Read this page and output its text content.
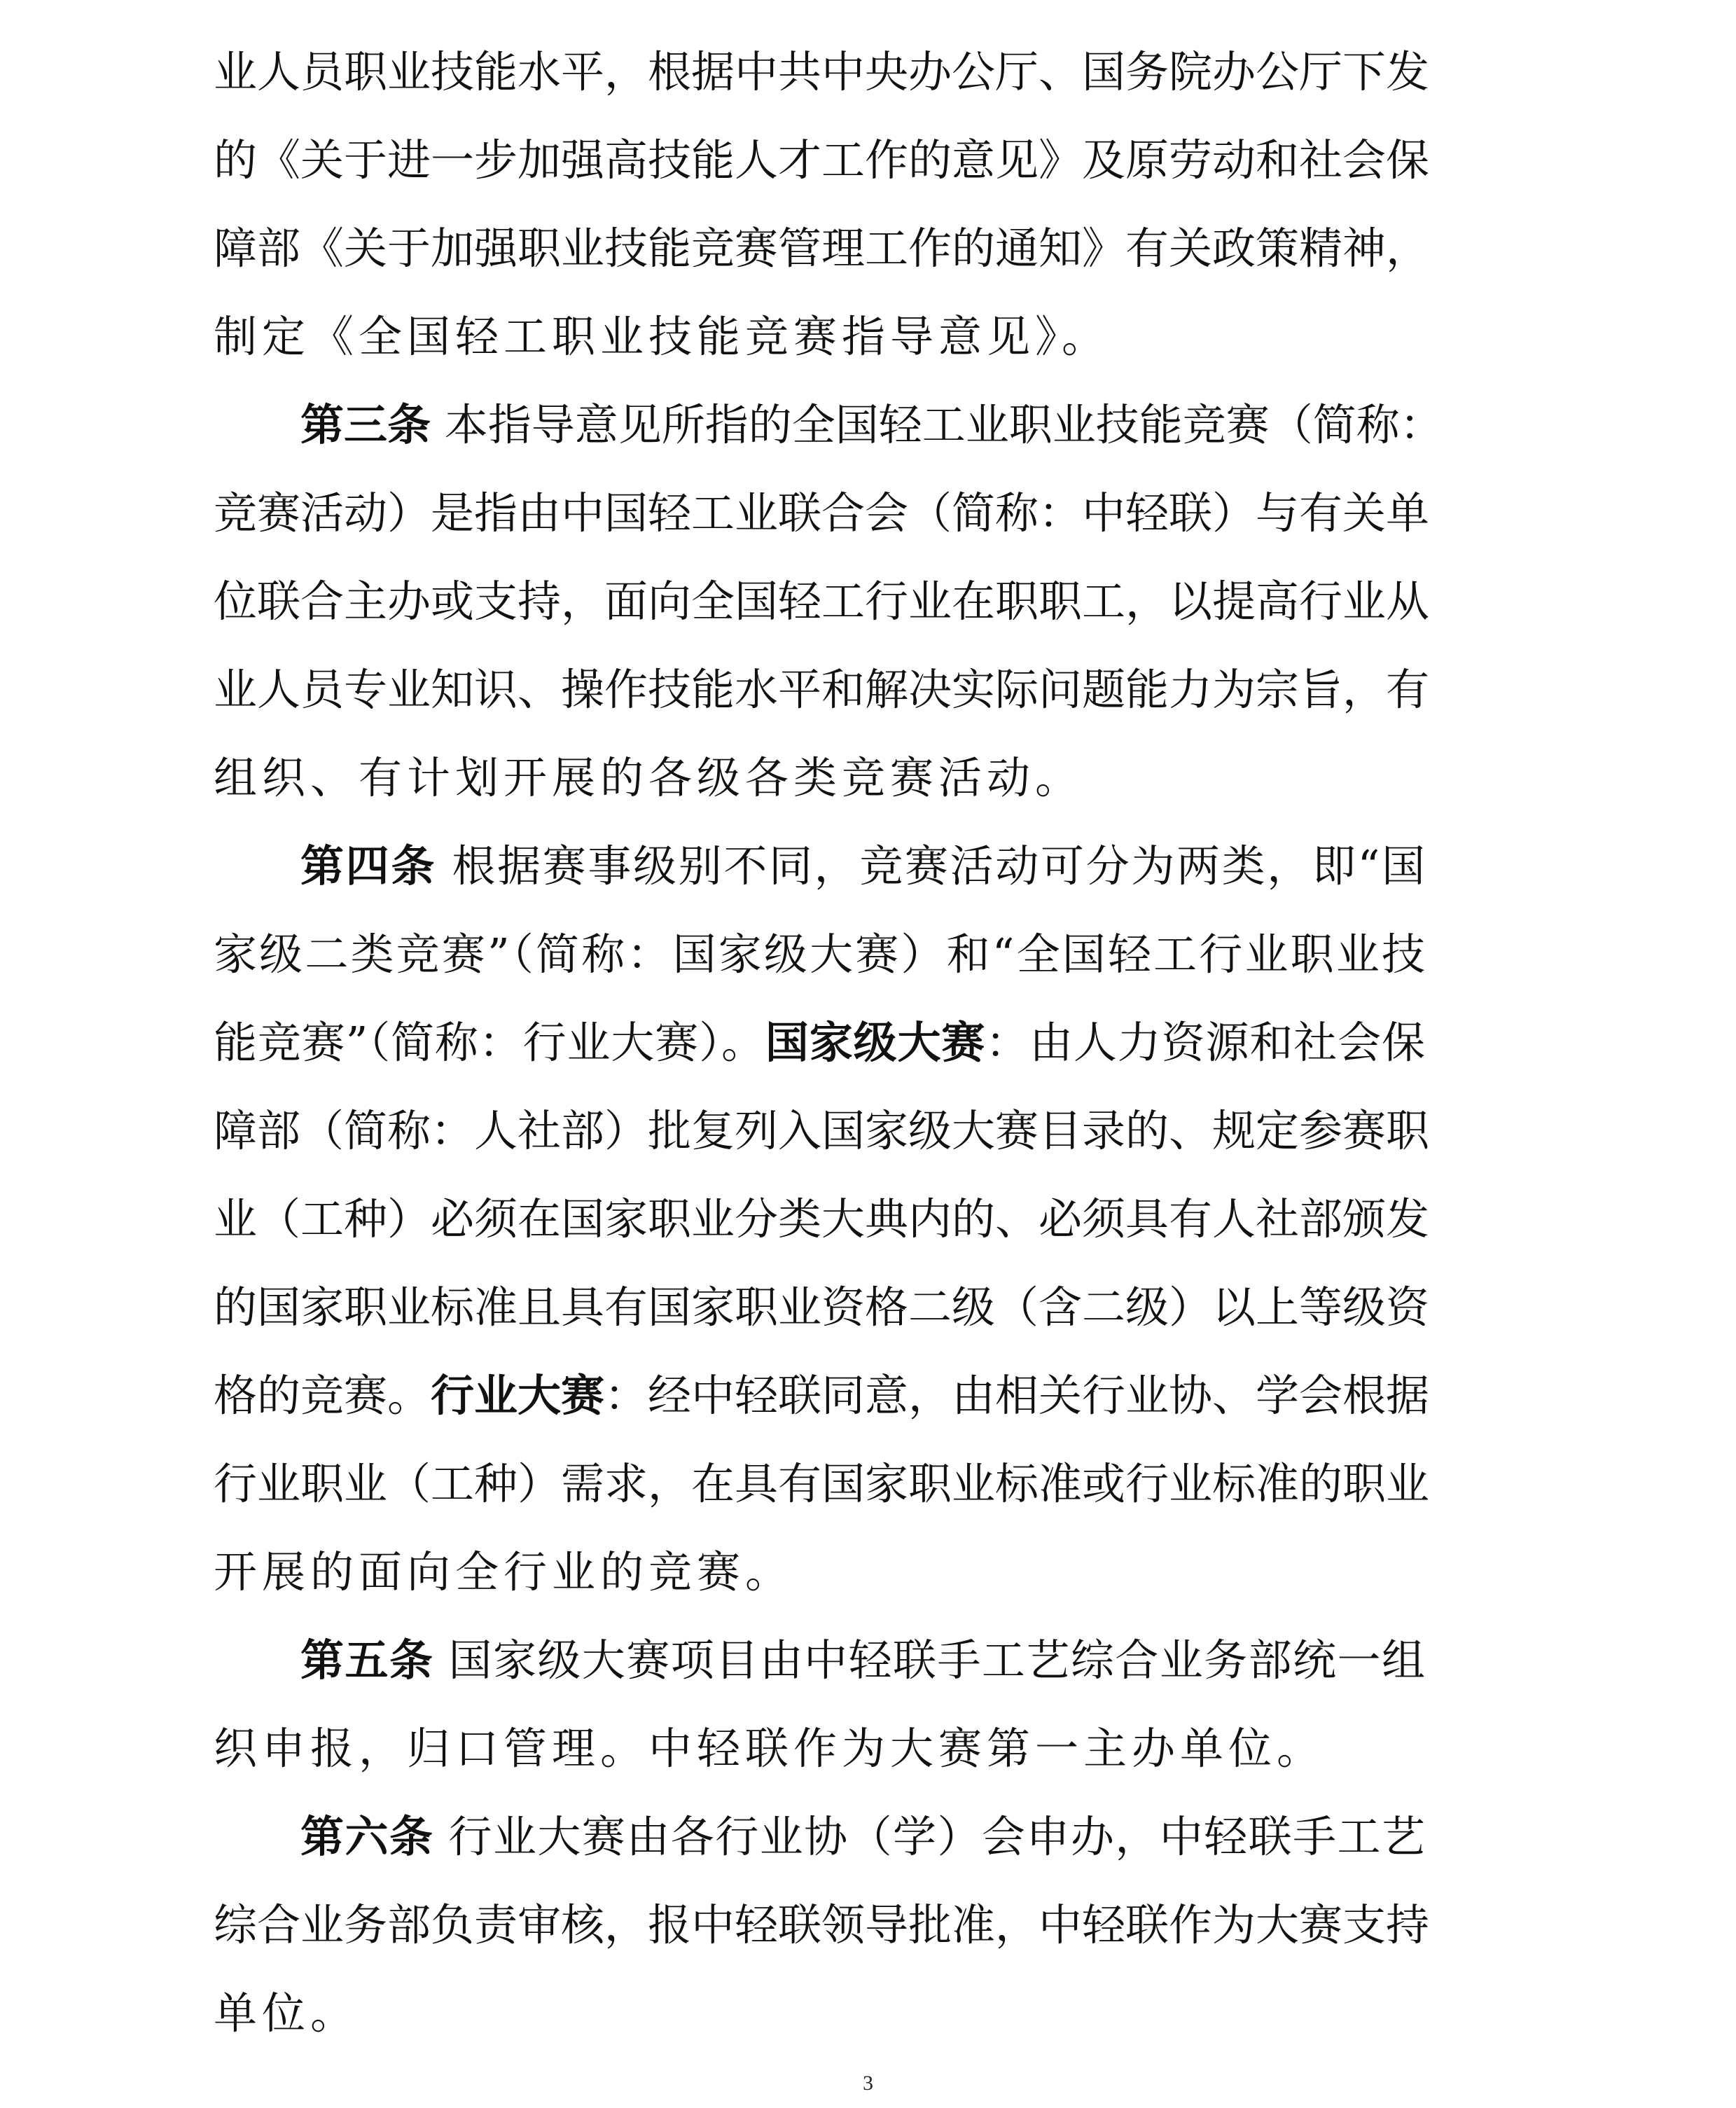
业人员职业技能水平，根据中共中央办公厅、国务院办公厅下发
的《关于进一步加强高技能人才工作的意见》及原劳动和社会保
障部《关于加强职业技能竞赛管理工作的通知》有关政策精神，
制定《全国轻工职业技能竞赛指导意见》。
第三条 本指导意见所指的全国轻工业职业技能竞赛（简称：
竞赛活动）是指由中国轻工业联合会（简称：中轻联）与有关单
位联合主办或支持，面向全国轻工行业在职职工，以提高行业从
业人员专业知识、操作技能水平和解决实际问题能力为宗旨，有
组织、有计划开展的各级各类竞赛活动。
第四条 根据赛事级别不同，竞赛活动可分为两类，即“国
家级二类竞赛”（简称：国家级大赛）和“全国轻工行业职业技
能竞赛”（简称：行业大赛）。国家级大赛：由人力资源和社会保
障部（简称：人社部）批复列入国家级大赛目录的、规定参赛职
业（工种）必须在国家职业分类大典内的、必须具有人社部颁发
的国家职业标准且具有国家职业资格二级（含二级）以上等级资
格的竞赛。行业大赛：经中轻联同意，由相关行业协、学会根据
行业职业（工种）需求，在具有国家职业标准或行业标准的职业
开展的面向全行业的竞赛。
第五条 国家级大赛项目由中轻联手工艺综合业务部统一组
织申报，归口管理。中轻联作为大赛第一主办单位。
第六条 行业大赛由各行业协（学）会申办，中轻联手工艺
综合业务部负责审核，报中轻联领导批准，中轻联作为大赛支持
单位。
3
